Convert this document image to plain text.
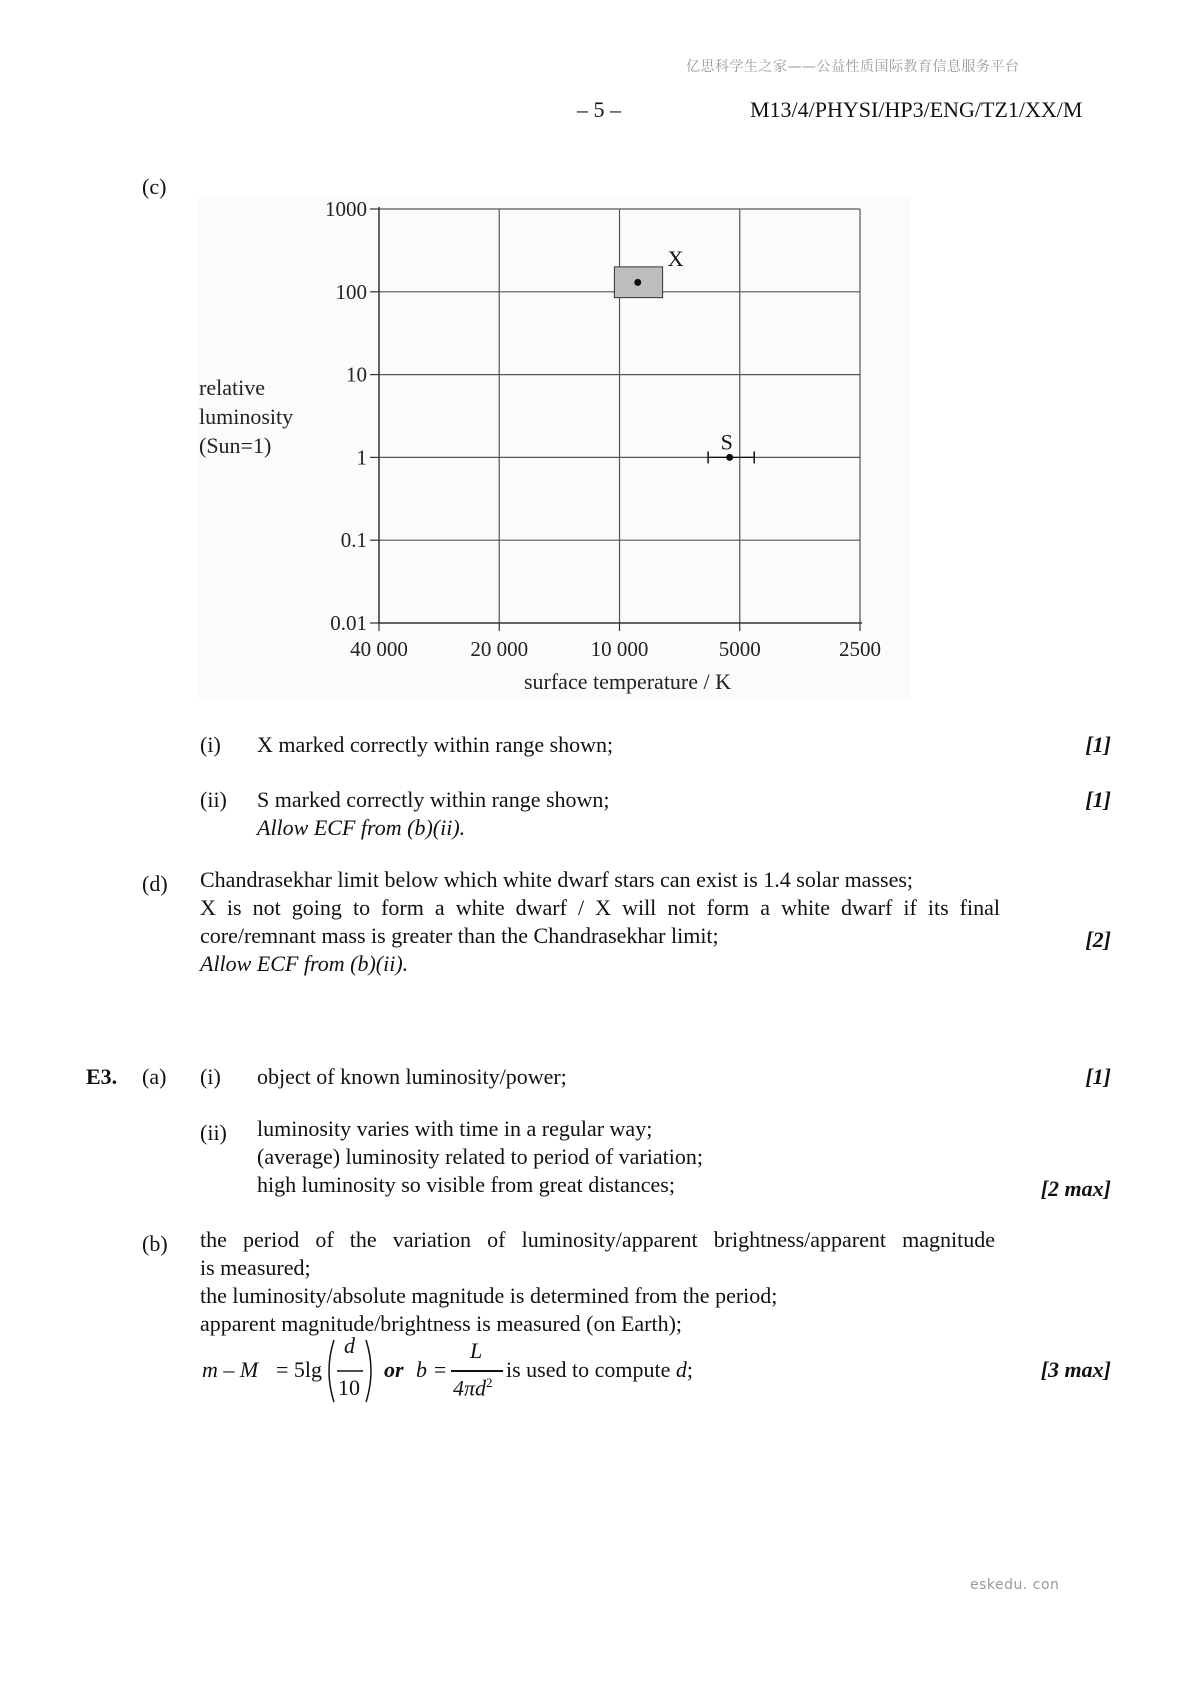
亿思科学生之家——公益性质国际教育信息服务平台
– 5 –	M13/4/PHYSI/HP3/ENG/TZ1/XX/M
(c)
1000
100
10
1
0.1
0.01
40 000	20 000	10 000	5000	2500
X
S
surface temperature / K
relative
luminosity
(Sun=1)
(i) X marked correctly within range shown;	[1]
(ii) S marked correctly within range shown;
Allow ECF from (b)(ii).
[1]
(d) Chandrasekhar limit below which white dwarf stars can exist is 1.4 solar masses;
X is not going to form a white dwarf / X will not form a white dwarf if its final
core/remnant mass is greater than the Chandrasekhar limit;
Allow ECF from (b)(ii).
[2]
E3. (a) (i) object of known luminosity/power;	[1]
(ii) luminosity varies with time in a regular way;
(average) luminosity related to period of variation;
high luminosity so visible from great distances;	[2 max]
(b) the period of the variation of luminosity/apparent brightness/apparent magnitude
is measured;
the luminosity/absolute magnitude is determined from the period;
apparent magnitude/brightness is measured (on Earth);
m – M = 5lg
d
10
or b =
L
$4\pi d^2$
is used to compute d;	[3 max]
eskedu. con
